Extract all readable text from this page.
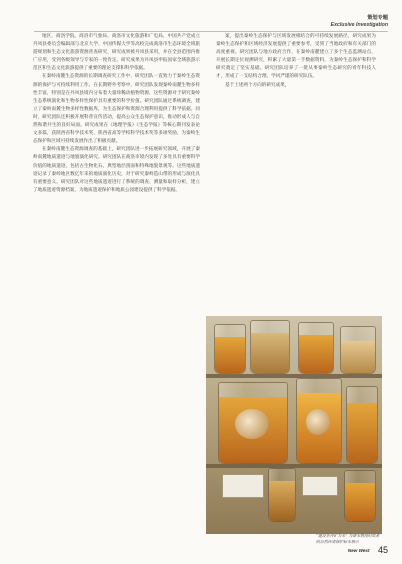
策划专题
Exclusive Investigation

地区，商洛学院、商洛市气象局、商洛市文化旅游和广电局、中国共产党成立丹凤县委员会编辑部与北京大学、中国传媒大学等高校完成商洛市生态环境全域旅游规划和生态文化旅游资源普查研究，研究成果被丹凤县采用，并在全县范围内推广应用，受到各级领导与专家的一致肯定。研究成果为丹凤县申报国家全域旅游示范区和生态文化旅游提供了重要的理论支撑和科学依据。

在秦岭南麓生态资源的长期调查研究工作中，研究团队一直致力于秦岭生态资源的保护与可持续利用工作。在长期野外考察中，研究团队发现秦岭南麓生物多样性丰富，特别是在丹凤县境内分布着大量珍稀动植物资源，这些资源对于研究秦岭生态系统演化和生物多样性保护具有重要的科学价值。研究团队通过系统调查，建立了秦岭南麓生物多样性数据库，为生态保护和资源合理利用提供了科学依据。同时，研究团队还积极开展科普宣传活动，提高公众生态保护意识，推动形成人与自然和谐共生的良好局面。研究成果在《地理学报》《生态学报》等核心期刊发表论文多篇，获陕西省科学技术奖、陕西省高等学校科学技术奖等多项奖励，为秦岭生态保护和区域可持续发展作出了积极贡献。

在秦岭南麓生态资源调查的基础上，研究团队进一步拓展研究领域，开展了秦岭南麓地质遗迹与地貌演化研究。研究团队在商洛市境内发现了多处具有重要科学价值的地质遗迹，包括古生物化石、典型地层剖面和特殊地貌景观等。这些地质遗迹记录了秦岭地区数亿年来的地质演化历史，对于研究秦岭造山带的形成与演化具有重要意义。研究团队对这些地质遗迹进行了系统的调查、测量和取样分析，建立了地质遗迹资源档案，为地质遗迹保护和地质公园建设提供了科学依据。

案，提出秦岭生态保护与区域发展相结合的可持续发展路径，研究成果为秦岭生态保护和区域经济发展提供了重要参考，受到了当地政府和有关部门的高度重视。研究团队与地方政府合作，在秦岭南麓建立了多个生态监测站点，开展长期定位观测研究，积累了大量第一手数据资料，为秦岭生态保护和科学研究奠定了坚实基础。研究团队培养了一批从事秦岭生态研究的青年科技人才，形成了一支结构合理、学风严谨的研究队伍。

基于上述两个方向的研究成果，

“建设华丹矿为本” 为课本教授时联系的自然环境保护标本展示
New West 45
